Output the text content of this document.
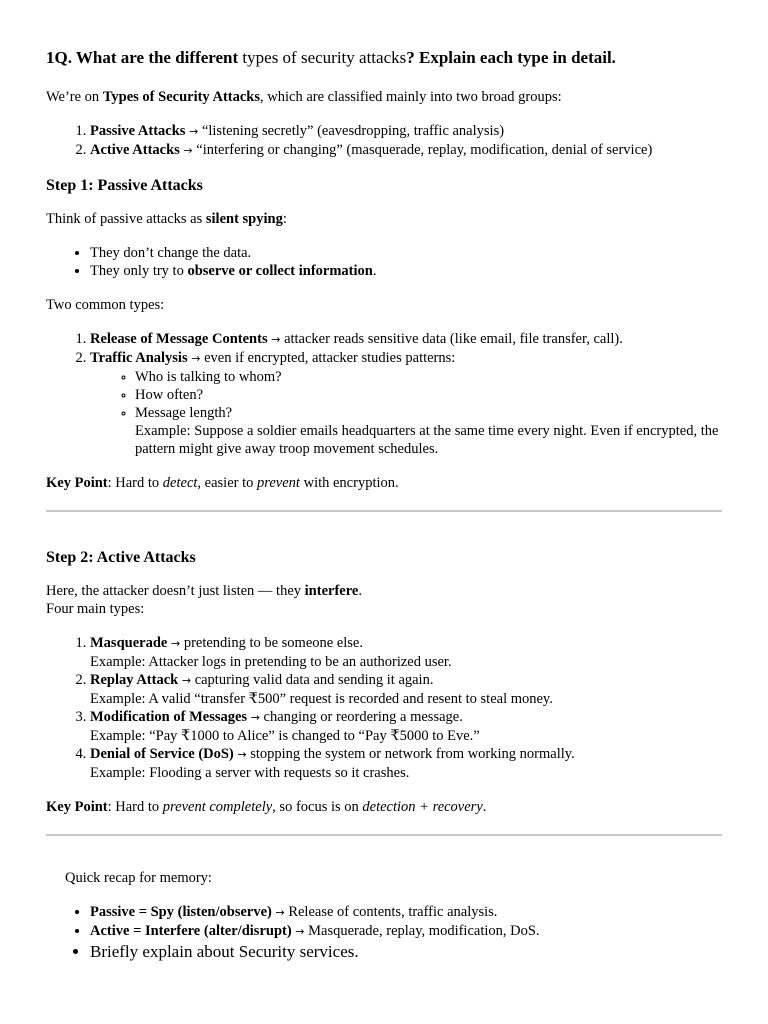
1Q. What are the different types of security attacks? Explain each type in detail.

We’re on Types of Security Attacks, which are classified mainly into two broad groups:

1. Passive Attacks → “listening secretly” (eavesdropping, traffic analysis)
2. Active Attacks → “interfering or changing” (masquerade, replay, modification, denial of service)
Step 1: Passive Attacks

Think of passive attacks as silent spying:

• They don’t change the data.
• They only try to observe or collect information.

Two common types:

1. Release of Message Contents → attacker reads sensitive data (like email, file transfer, call).
2. Traffic Analysis → even if encrypted, attacker studies patterns:
◦ Who is talking to whom?
◦ How often?
◦ Message length?
Example: Suppose a soldier emails headquarters at the same time every night. Even if encrypted, the pattern might give away troop movement schedules.

Key Point: Hard to detect, easier to prevent with encryption.

Step 2: Active Attacks

Here, the attacker doesn’t just listen — they interfere.
Four main types:

1. Masquerade → pretending to be someone else.
Example: Attacker logs in pretending to be an authorized user.
2. Replay Attack → capturing valid data and sending it again.
Example: A valid “transfer ₹500” request is recorded and resent to steal money.
3. Modification of Messages → changing or reordering a message.
Example: “Pay ₹1000 to Alice” is changed to “Pay ₹5000 to Eve.”
4. Denial of Service (DoS) → stopping the system or network from working normally.
Example: Flooding a server with requests so it crashes.

Key Point: Hard to prevent completely, so focus is on detection + recovery.

Quick recap for memory:

• Passive = Spy (listen/observe) → Release of contents, traffic analysis.
• Active = Interfere (alter/disrupt) → Masquerade, replay, modification, DoS.
• Briefly explain about Security services.
